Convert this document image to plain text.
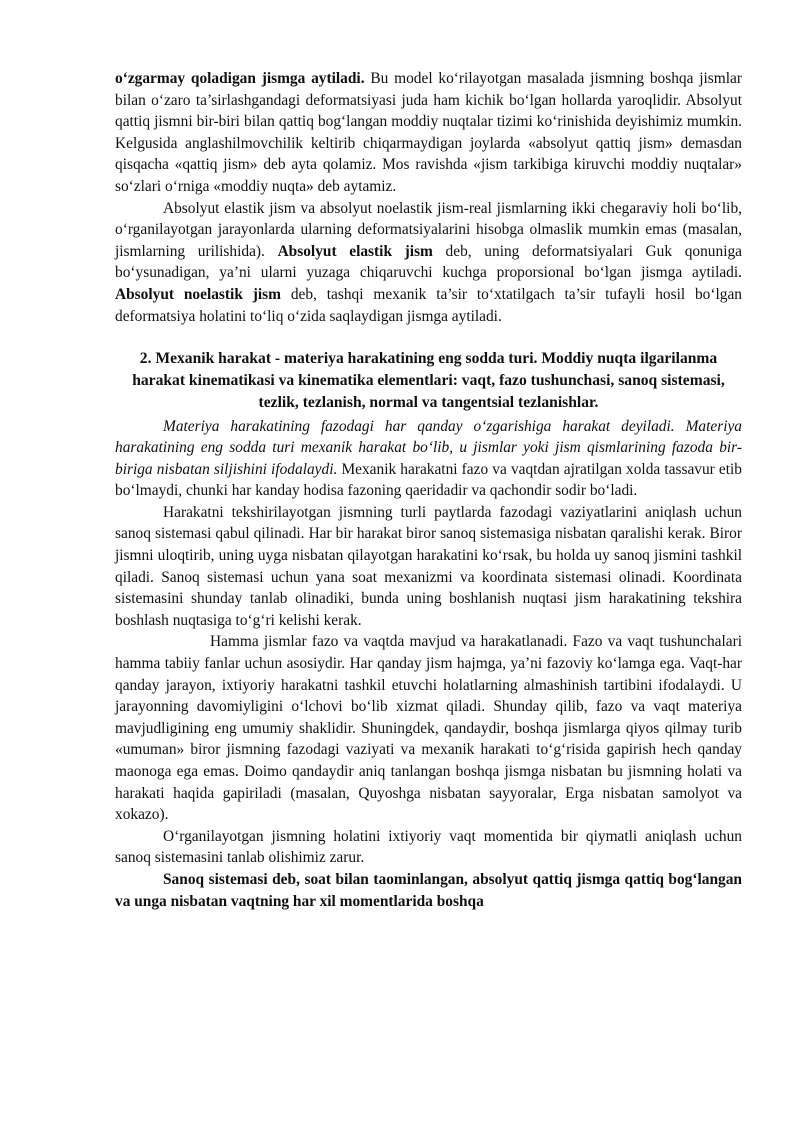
o‘zgarmay qoladigan jismga aytiladi. Bu model ko‘rilayotgan masalada jismning boshqa jismlar bilan o‘zaro ta’sirlashgandagi deformatsiyasi juda ham kichik bo‘lgan hollarda yaroqlidir. Absolyut qattiq jismni bir-biri bilan qattiq bog‘langan moddiy nuqtalar tizimi ko‘rinishida deyishimiz mumkin. Kelgusida anglashilmovchilik keltirib chiqarmaydigan joylarda «absolyut qattiq jism» demasdan qisqacha «qattiq jism» deb ayta qolamiz. Mos ravishda «jism tarkibiga kiruvchi moddiy nuqtalar» so‘zlari o‘rniga «moddiy nuqta» deb aytamiz.

Absolyut elastik jism va absolyut noelastik jism-real jismlarning ikki chegaraviy holi bo‘lib, o‘rganilayotgan jarayonlarda ularning deformatsiyalarini hisobga olmaslik mumkin emas (masalan, jismlarning urilishida). Absolyut elastik jism deb, uning deformatsiyalari Guk qonuniga bo‘ysunadigan, ya’ni ularni yuzaga chiqaruvchi kuchga proporsional bo‘lgan jismga aytiladi. Absolyut noelastik jism deb, tashqi mexanik ta’sir to‘xtatilgach ta’sir tufayli hosil bo‘lgan deformatsiya holatini to‘liq o‘zida saqlaydigan jismga aytiladi.

2. Mexanik harakat - materiya harakatining eng sodda turi. Moddiy nuqta ilgarilanma harakat kinematikasi va kinematika elementlari: vaqt, fazo tushunchasi, sanoq sistemasi, tezlik, tezlanish, normal va tangentsial tezlanishlar.

Materiya harakatining fazodagi har qanday o‘zgarishiga harakat deyiladi. Materiya harakatining eng sodda turi mexanik harakat bo‘lib, u jismlar yoki jism qismlarining fazoda bir-biriga nisbatan siljishini ifodalaydi. Mexanik harakatni fazo va vaqtdan ajratilgan xolda tassavur etib bo‘lmaydi, chunki har kanday hodisa fazoning qaeridadir va qachondir sodir bo‘ladi.

Harakatni tekshirilayotgan jismning turli paytlarda fazodagi vaziyatlarini aniqlash uchun sanoq sistemasi qabul qilinadi. Har bir harakat biror sanoq sistemasiga nisbatan qaralishi kerak. Biror jismni uloqtirib, uning uyga nisbatan qilayotgan harakatini ko‘rsak, bu holda uy sanoq jismini tashkil qiladi. Sanoq sistemasi uchun yana soat mexanizmi va koordinata sistemasi olinadi. Koordinata sistemasini shunday tanlab olinadiki, bunda uning boshlanish nuqtasi jism harakatining tekshira boshlash nuqtasiga to‘g‘ri kelishi kerak.

Hamma jismlar fazo va vaqtda mavjud va harakatlanadi. Fazo va vaqt tushunchalari hamma tabiiy fanlar uchun asosiydir. Har qanday jism hajmga, ya’ni fazoviy ko‘lamga ega. Vaqt-har qanday jarayon, ixtiyoriy harakatni tashkil etuvchi holatlarning almashinish tartibini ifodalaydi. U jarayonning davomiyligini o‘lchovi bo‘lib xizmat qiladi. Shunday qilib, fazo va vaqt materiya mavjudligining eng umumiy shaklidir. Shuningdek, qandaydir, boshqa jismlarga qiyos qilmay turib «umuman» biror jismning fazodagi vaziyati va mexanik harakati to‘g‘risida gapirish hech qanday maonoga ega emas. Doimo qandaydir aniq tanlangan boshqa jismga nisbatan bu jismning holati va harakati haqida gapiriladi (masalan, Quyoshga nisbatan sayyoralar, Erga nisbatan samolyot va xokazo).

O‘rganilayotgan jismning holatini ixtiyoriy vaqt momentida bir qiymatli aniqlash uchun sanoq sistemasini tanlab olishimiz zarur.

Sanoq sistemasi deb, soat bilan taominlangan, absolyut qattiq jismga qattiq bog‘langan va unga nisbatan vaqtning har xil momentlarida boshqa
